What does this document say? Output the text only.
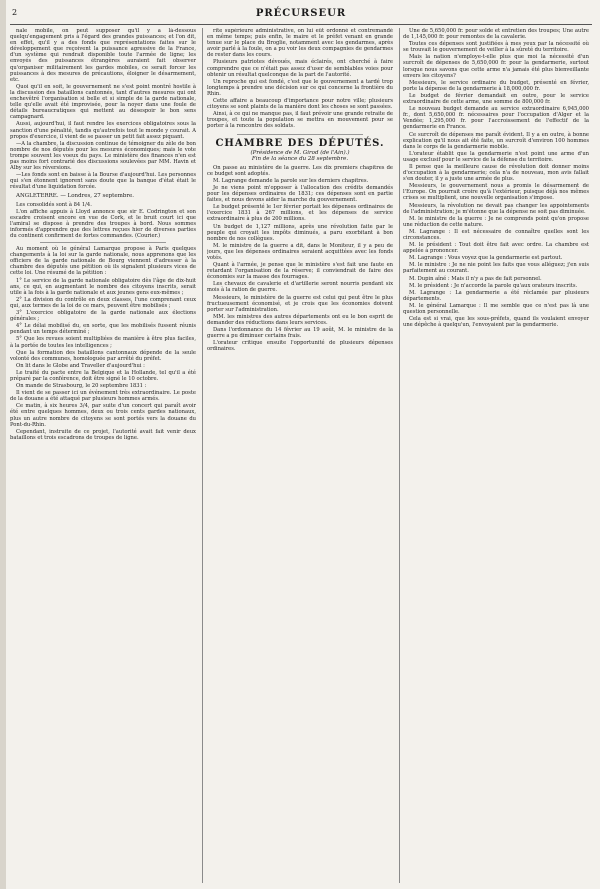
2	PRÉCURSEUR

nale mobile, on peut supposer qu'il y a là-dessous quelqu'engagement pris à l'égard des grandes puissances; et l'on dit, en effet, qu'il y a des fonds que représentations faites sur le développement que reçoivent la puissance agressive de la France, d'un système qui rendrait disponible toute l'armée de ligne; les envoyés des puissances étrangères auraient fait observer qu'organiser militairement les gardes mobiles, ce serait forcer les puissances à des mesures de précautions, éloigner le désarmement, etc.

Quoi qu'il en soit, le gouvernement ne s'est point montré hostile à la discussion des bataillons cantonnés, tant d'autres mesures qui ont enchevêtré l'organisation si belle et si simple de la garde nationale, telle qu'elle avait été improvisée, pour la noyer dans une foule de détails bureaucratiques qui mettent au désespoir le bon sens campagnard.

Aussi, aujourd'hui, il faut rendre les exercices obligatoires sous la sanction d'une pénalité, tandis qu'autrefois tout le monde y courait. A propos d'exercice, il vient de se passer un petit fait assez piquant.

—A la chambre, la discussion continue de témoigner du zèle de bon nombre de nos députés pour les mesures économiques; mais le vote trompe souvent les voeux du pays. Le ministère des finances n'en est pas moins fort contrarié des discussions soulevées par MM. Havin et Alby sur les réversions.

—Les fonds sont en baisse à la Bourse d'aujourd'hui. Les personnes qui s'en étonnent ignorent sans doute que la banque d'état était le résultat d'une liquidation forcée.

ANGLETERRE. — Londres, 27 septembre.

Les consolidés sont à 84 1/4.

L'on affiche appuis à Lloyd annonce que sir E. Codrington et son escadre croisent encore en vue de Cork, et le bruit court ici que l'amiral se dispose à prendre des troupes à bord. Nous sommes informés d'apprendre que des lettres reçues hier de diverses parties du continent confirment de fortes commandes. (Courier.)

Au moment où le général Lamarque propose à Paris quelques changements à la loi sur la garde nationale, nous apprenons que les officiers de la garde nationale de Bourg viennent d'adresser à la chambre des députés une pétition où ils signalent plusieurs vices de cette loi. Une résumé de la pétition :

1° Le service de la garde nationale obligatoire dès l'âge de dix-huit ans, ce qui, en augmentant le nombre des citoyens inscrits, serait utile à la fois à la garde nationale et aux jeunes gens eux-mêmes ;

2° La division du contrôle en deux classes, l'une comprenant ceux qui, aux termes de la loi de ce mars, peuvent être mobilisés ;

3° L'exercice obligatoire de la garde nationale aux élections générales ;

4° Le délai mobilisé du, en sorte, que les mobilisés fussent réunis pendant un temps déterminé ;

5° Que les revues soient multipliées de manière à être plus faciles, à la portée de toutes les intelligences ;

Que la formation des bataillons cantonnaux dépende de la seule volonté des communes, homologuée par arrêté du préfet.

On lit dans le Globe and Traveller d'aujourd'hui :

Le traité du pacte entre la Belgique et la Hollande, tel qu'il a été préparé par la conférence, doit être signé le 10 octobre.

On mande de Strasbourg, le 20 septembre 1831 :

Il vient de se passer ici un événement très extraordinaire. Le poste de la douane a été attaqué par plusieurs hommes armés.

Ce matin, à six heures 3/4, par suite d'un concert qui paraît avoir été entre quelques hommes, deux ou trois cents gardes nationaux, plus un autre nombre de citoyens se sont portés vers la douane du Pont-du-Rhin.

Cependant, instruite de ce projet, l'autorité avait fait venir deux bataillons et trois escadrons de troupes de ligne.

rite supérieure administrative, on lui eût ordonné et contremandé en même temps; puis enfin, le maire et le préfet venant en grande tenue sur le place du Broglie, notamment avec les gendarmes, après avoir parlé à la foule, on a pu voir les deux compagnies de gendarmes de rester dans les cours.

Plusieurs patriotes dévoués, mais éclairés, ont cherché à faire comprendre que ce n'était pas assez d'user de semblables voies pour obtenir un résultat quelconque de la part de l'autorité.

Un reproche qui est fondé, c'est que le gouvernement a tardé trop longtemps à prendre une décision sur ce qui concerne la frontière du Rhin.

Cette affaire a beaucoup d'importance pour notre ville; plusieurs citoyens se sont plaints de la manière dont les choses se sont passées.

Ainsi, à ce qui ne manque pas, il faut prévoir une grande retraite de troupes, et toute la population se mettra en mouvement pour se porter à la rencontre des soldats.

CHAMBRE DES DÉPUTÉS.
(Présidence de M. Girod (de l'Ain).)
Fin de la séance du 28 septembre.

On passe au ministère de la guerre. Les dix premiers chapitres de ce budget sont adoptés.

M. Lagrange demande la parole sur les derniers chapitres.

Je ne viens point m'opposer à l'allocation des crédits demandés pour les dépenses ordinaires de 1831; ces dépenses sont en partie faites, et nous devons aider la marche du gouvernement.

Le budget présenté le 1er février portait les dépenses ordinaires de l'exercice 1831 à 267 millions, et les dépenses de service extraordinaire à plus de 200 millions.

Un budget de 1,127 millions, après une révolution faite par le peuple qui croyait les impôts diminués, a paru exorbitant à bon nombre de nos collègues.

M. le ministre de la guerre a dit, dans le Moniteur, il y a peu de jours, que les dépenses ordinaires seraient acquittées avec les fonds votés.

Quant à l'armée, je pense que le ministère s'est fait une faute en retardant l'organisation de la réserve; il conviendrait de faire des économies sur la masse des fourrages.

Les chevaux de cavalerie et d'artillerie seront nourris pendant six mois à la ration de guerre.

Messieurs, le ministère de la guerre est celui qui peut être le plus fructueusement économisé, et je crois que les économies doivent porter sur l'administration.

MM. les ministres des autres départements ont eu le bon esprit de demander des réductions dans leurs services.

Dans l'ordonnance du 14 février au 19 août, M. le ministre de la guerre a pu diminuer certains frais.

L'orateur critique ensuite l'opportunité de plusieurs dépenses ordinaires.

Une de 5,650,000 fr. pour solde et entretien des troupes; Une autre de 1,145,000 fr. pour remontes de la cavalerie.

Toutes ces dépenses sont justifiées à mes yeux par la nécessité où se trouvait le gouvernement de veiller à la sûreté du territoire.

Mais la nation n'employe-t-elle plus que moi la nécessité d'un surcroît de dépenses de 5,650,000 fr. pour la gendarmerie, surtout lorsque nous savons que cette arme n'a jamais été plus bienveillante envers les citoyens?

Messieurs, le service ordinaire du budget, présenté en février, porte la dépense de la gendarmerie à 18,000,000 fr.

Le budget de février demandait en outre, pour le service extraordinaire de cette arme, une somme de 800,000 fr.

Le nouveau budget demande au service extraordinaire 6,945,000 fr., dont 5,650,000 fr. nécessaires pour l'occupation d'Alger et la Vendée; 1,295,000 fr. pour l'accroissement de l'effectif de la gendarmerie en France.

Ce surcroît de dépenses me paraît évident. Il y a en outre, à bonne explication qu'il nous ait été faite, un surcroît d'environ 100 hommes dans le corps de la gendarmerie mobile.

L'orateur établit que la gendarmerie n'est point une arme d'un usage exclusif pour le service de la défense du territoire.

Il pense que la meilleure cause de révolution doit donner moins d'occupation à la gendarmerie; cela n'a de nouveau, mon avis fallait s'en douter, il y a juste une armée de plus.

Messieurs, le gouvernement nous a promis le désarmement de l'Europe. On pourrait croire qu'à l'extérieur, puisque déjà nos mêmes crises se multiplient, une nouvelle organisation s'impose.

Messieurs, la révolution ne devait pas changer les appointements de l'administration; je m'étonne que la dépense ne soit pas diminuée.

M. le ministre de la guerre : Je ne comprends point qu'on propose une réduction de cette nature.

M. Lagrange : Il est nécessaire de connaître quelles sont les circonstances.

M. le président : Tout doit être fait avec ordre. La chambre est appelée à prononcer.

M. Lagrange : Vous voyez que la gendarmerie est partout.

M. le ministre : Je ne nie point les faits que vous alléguez; j'en suis parfaitement au courant.

M. Dupin aîné : Mais il n'y a pas de fait personnel.

M. le président : Je n'accorde la parole qu'aux orateurs inscrits.

M. Lagrange : La gendarmerie a été réclamée par plusieurs départements.

M. le général Lamarque : Il me semble que ce n'est pas là une question personnelle.

Cela est si vrai, que les sous-préfets, quand ils voulaient envoyer une dépêche à quelqu'un, l'envoyaient par la gendarmerie.
